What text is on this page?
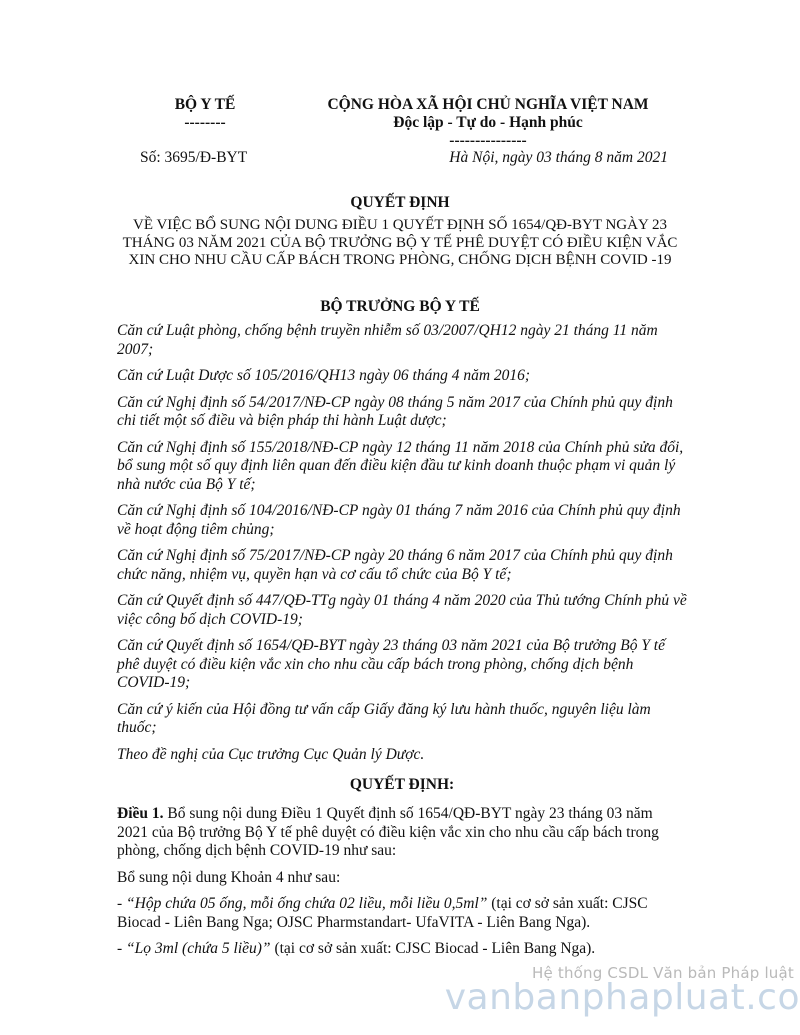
BỘ Y TẾ
--------
CỘNG HÒA XÃ HỘI CHỦ NGHĨA VIỆT NAM
Độc lập - Tự do - Hạnh phúc
---------------
Số: 3695/Đ-BYT	Hà Nội, ngày 03 tháng 8 năm 2021
QUYẾT ĐỊNH
VỀ VIỆC BỔ SUNG NỘI DUNG ĐIỀU 1 QUYẾT ĐỊNH SỐ 1654/QĐ-BYT NGÀY 23 THÁNG 03 NĂM 2021 CỦA BỘ TRƯỞNG BỘ Y TẾ PHÊ DUYỆT CÓ ĐIỀU KIỆN VẮC XIN CHO NHU CẦU CẤP BÁCH TRONG PHÒNG, CHỐNG DỊCH BỆNH COVID -19
BỘ TRƯỞNG BỘ Y TẾ

Căn cứ Luật phòng, chống bệnh truyền nhiễm số 03/2007/QH12 ngày 21 tháng 11 năm 2007;

Căn cứ Luật Dược số 105/2016/QH13 ngày 06 tháng 4 năm 2016;

Căn cứ Nghị định số 54/2017/NĐ-CP ngày 08 tháng 5 năm 2017 của Chính phủ quy định chi tiết một số điều và biện pháp thi hành Luật dược;

Căn cứ Nghị định số 155/2018/NĐ-CP ngày 12 tháng 11 năm 2018 của Chính phủ sửa đổi, bổ sung một số quy định liên quan đến điều kiện đầu tư kinh doanh thuộc phạm vi quản lý nhà nước của Bộ Y tế;

Căn cứ Nghị định số 104/2016/NĐ-CP ngày 01 tháng 7 năm 2016 của Chính phủ quy định về hoạt động tiêm chủng;

Căn cứ Nghị định số 75/2017/NĐ-CP ngày 20 tháng 6 năm 2017 của Chính phủ quy định chức năng, nhiệm vụ, quyền hạn và cơ cấu tổ chức của Bộ Y tế;

Căn cứ Quyết định số 447/QĐ-TTg ngày 01 tháng 4 năm 2020 của Thủ tướng Chính phủ về việc công bố dịch COVID-19;

Căn cứ Quyết định số 1654/QĐ-BYT ngày 23 tháng 03 năm 2021 của Bộ trưởng Bộ Y tế phê duyệt có điều kiện vắc xin cho nhu cầu cấp bách trong phòng, chống dịch bệnh COVID-19;

Căn cứ ý kiến của Hội đồng tư vấn cấp Giấy đăng ký lưu hành thuốc, nguyên liệu làm thuốc;

Theo đề nghị của Cục trưởng Cục Quản lý Dược.

QUYẾT ĐỊNH:

Điều 1. Bổ sung nội dung Điều 1 Quyết định số 1654/QĐ-BYT ngày 23 tháng 03 năm 2021 của Bộ trưởng Bộ Y tế phê duyệt có điều kiện vắc xin cho nhu cầu cấp bách trong phòng, chống dịch bệnh COVID-19 như sau:

Bổ sung nội dung Khoản 4 như sau:

- “Hộp chứa 05 ống, mỗi ống chứa 02 liều, mỗi liều 0,5ml” (tại cơ sở sản xuất: CJSC Biocad - Liên Bang Nga; OJSC Pharmstandart- UfaVITA - Liên Bang Nga).

- “Lọ 3ml (chứa 5 liều)” (tại cơ sở sản xuất: CJSC Biocad - Liên Bang Nga).

Hệ thống CSDL Văn bản Pháp luật
vanbanphapluat.co
